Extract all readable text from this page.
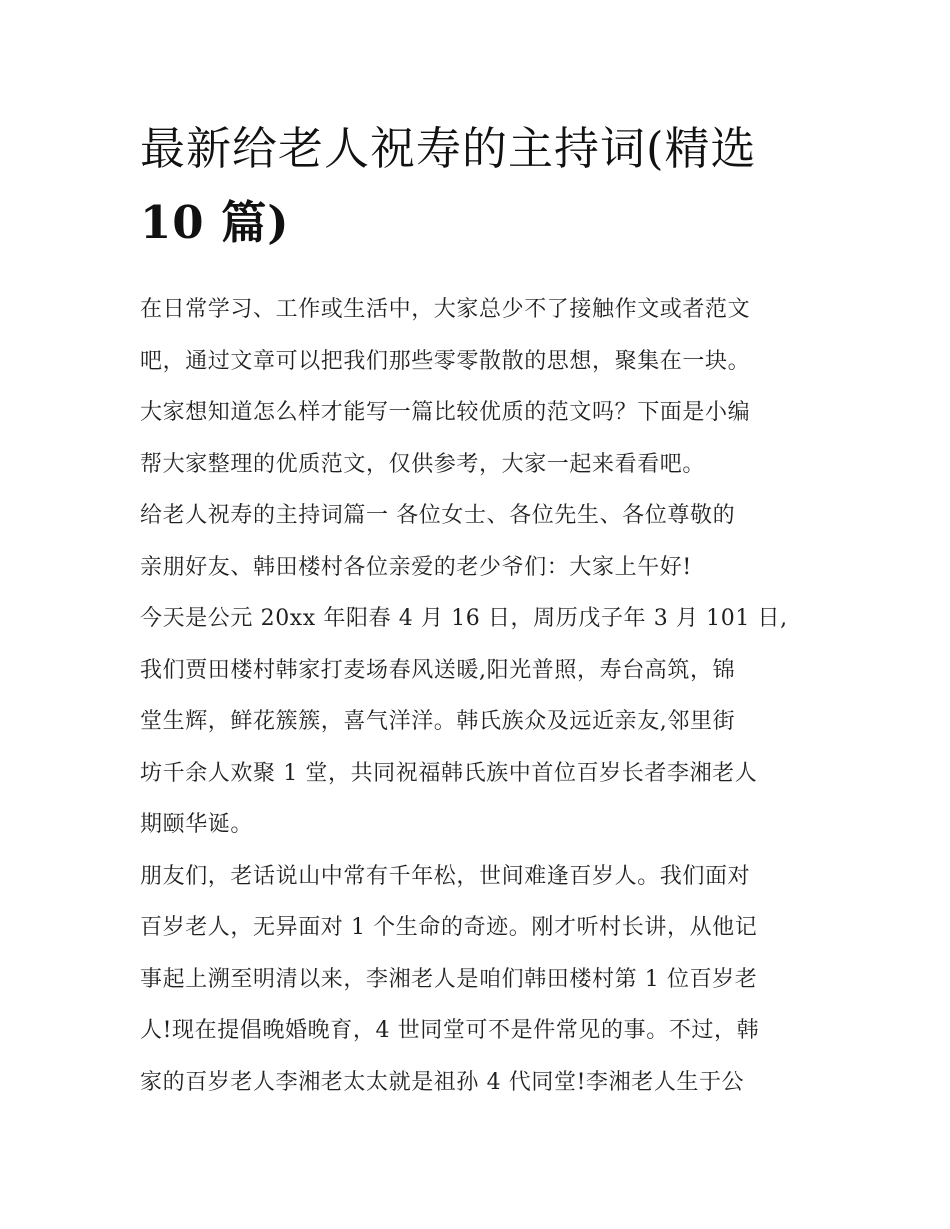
最新给老人祝寿的主持词(精选
10 篇)

在日常学习、工作或生活中，大家总少不了接触作文或者范文
吧，通过文章可以把我们那些零零散散的思想，聚集在一块。
大家想知道怎么样才能写一篇比较优质的范文吗？下面是小编
帮大家整理的优质范文，仅供参考，大家一起来看看吧。

给老人祝寿的主持词篇一 各位女士、各位先生、各位尊敬的
亲朋好友、韩田楼村各位亲爱的老少爷们：大家上午好!

今天是公元 20xx 年阳春 4 月 16 日，周历戊子年 3 月 101 日,
我们贾田楼村韩家打麦场春风送暖,阳光普照，寿台高筑，锦
堂生辉，鲜花簇簇，喜气洋洋。韩氏族众及远近亲友,邻里街
坊千余人欢聚 1 堂，共同祝福韩氏族中首位百岁长者李湘老人
期颐华诞。

朋友们，老话说山中常有千年松，世间难逢百岁人。我们面对
百岁老人，无异面对 1 个生命的奇迹。刚才听村长讲，从他记
事起上溯至明清以来，李湘老人是咱们韩田楼村第 1 位百岁老
人!现在提倡晚婚晚育，4 世同堂可不是件常见的事。不过，韩
家的百岁老人李湘老太太就是祖孙 4 代同堂!李湘老人生于公
